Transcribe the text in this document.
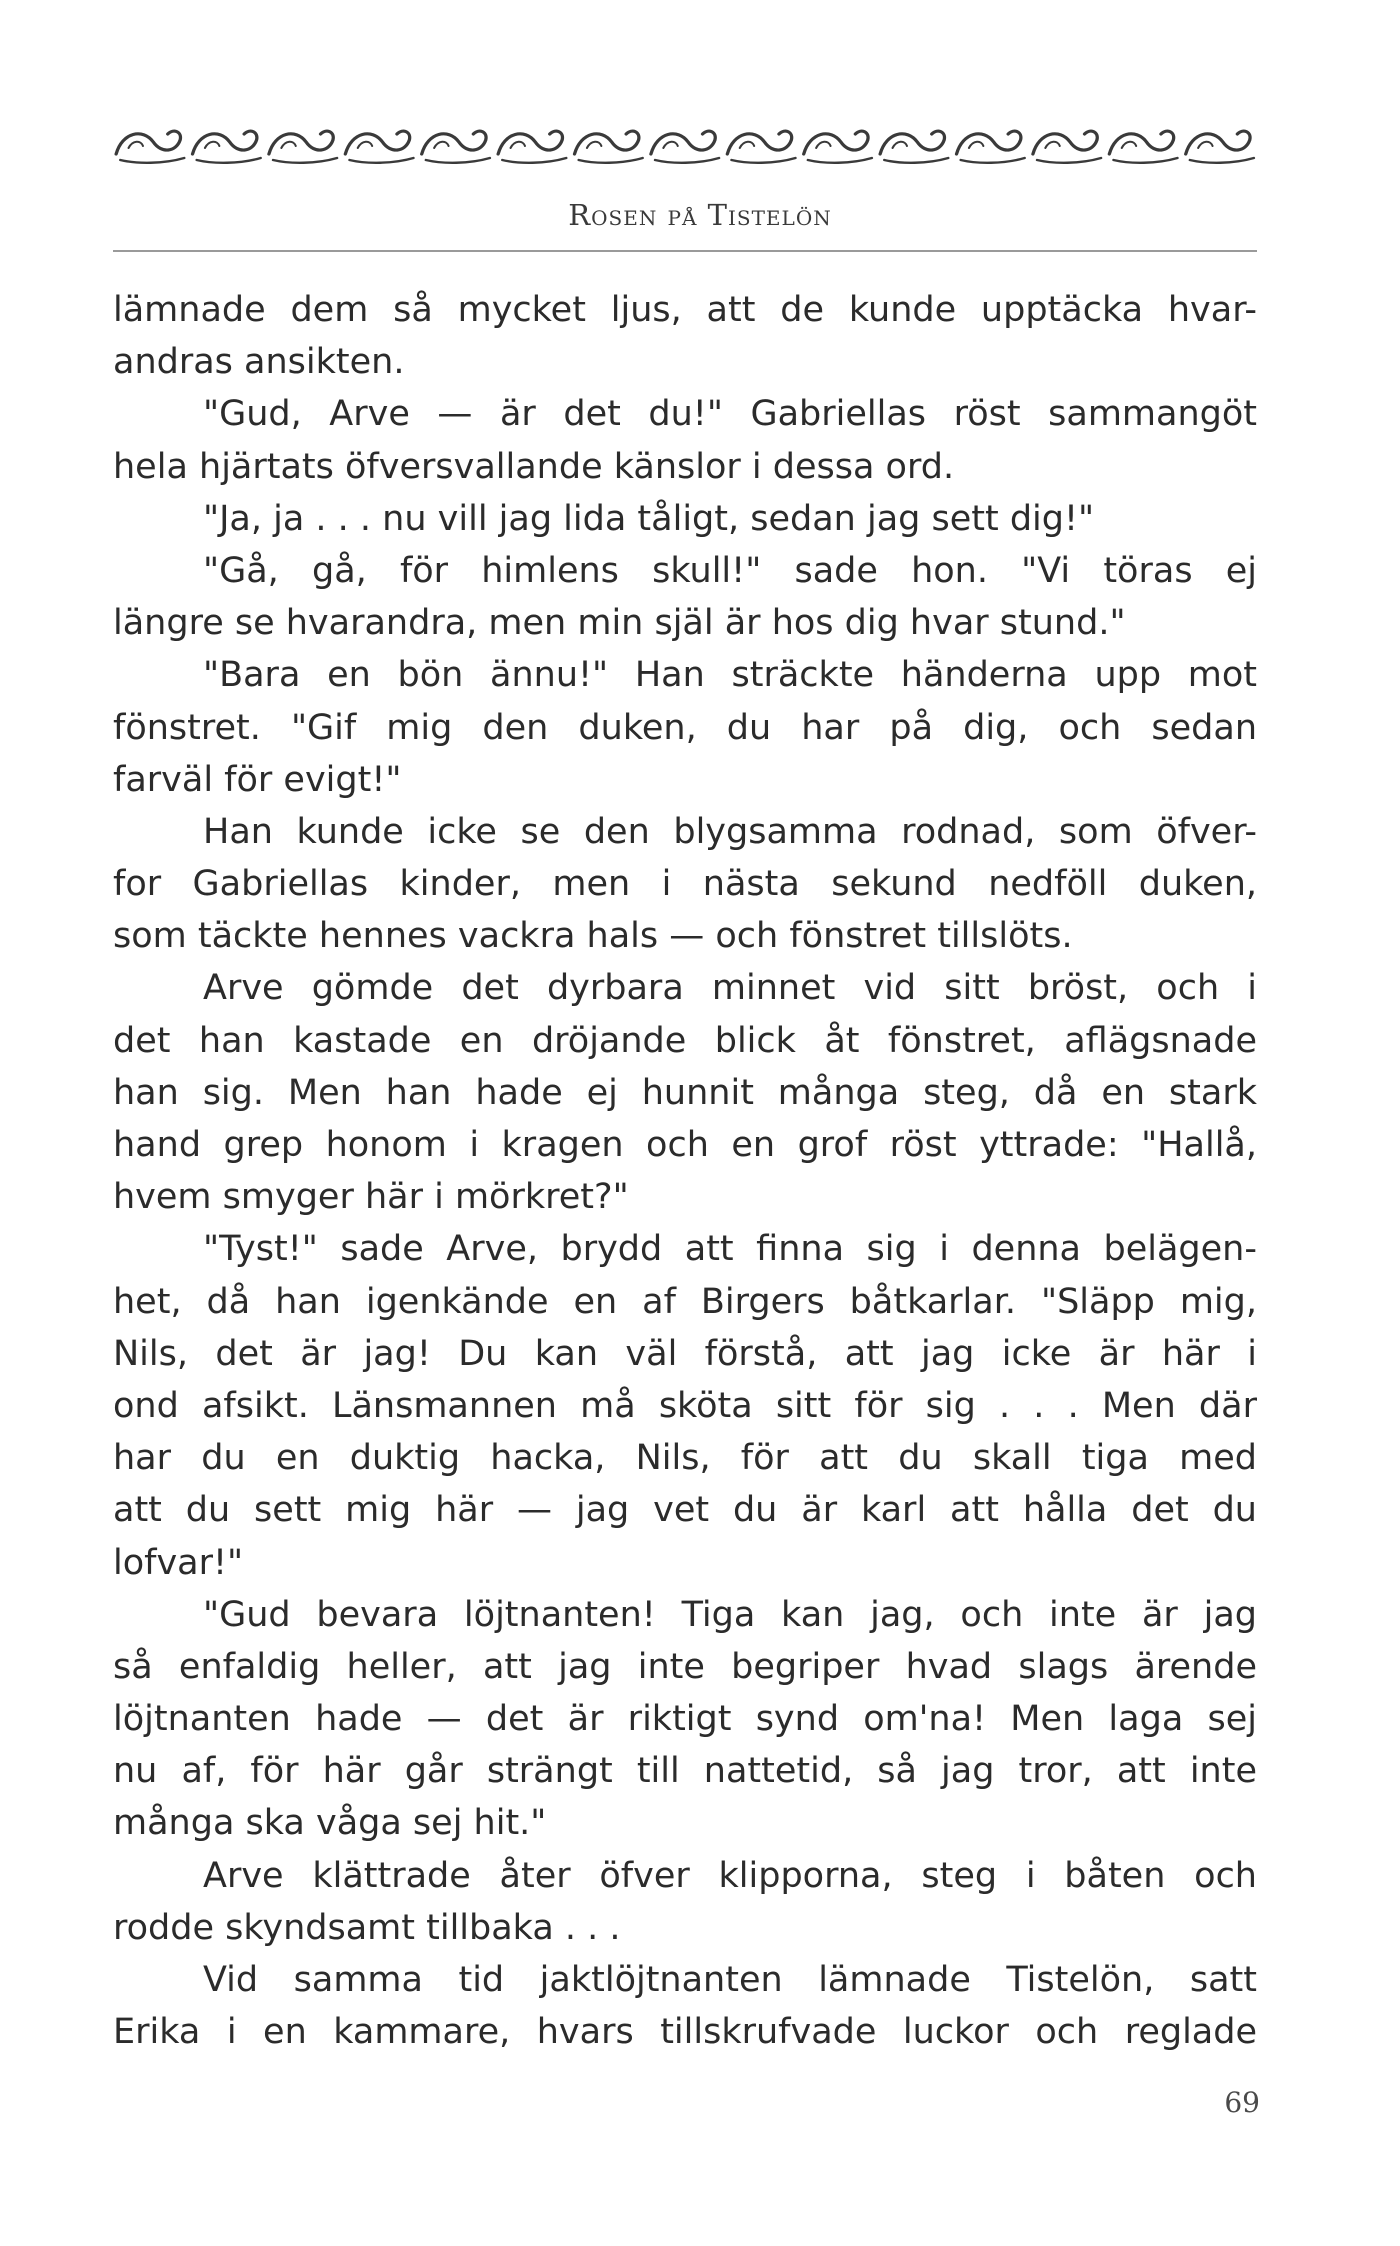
Rosen på Tistelön
lämnade dem så mycket ljus, att de kunde upptäcka hvar-
andras ansikten.
"Gud, Arve — är det du!" Gabriellas röst sammangöt
hela hjärtats öfversvallande känslor i dessa ord.
"Ja, ja . . . nu vill jag lida tåligt, sedan jag sett dig!"
"Gå, gå, för himlens skull!" sade hon. "Vi töras ej
längre se hvarandra, men min själ är hos dig hvar stund."
"Bara en bön ännu!" Han sträckte händerna upp mot
fönstret. "Gif mig den duken, du har på dig, och sedan
farväl för evigt!"
Han kunde icke se den blygsamma rodnad, som öfver-
for Gabriellas kinder, men i nästa sekund nedföll duken,
som täckte hennes vackra hals — och fönstret tillslöts.
Arve gömde det dyrbara minnet vid sitt bröst, och i
det han kastade en dröjande blick åt fönstret, aflägsnade
han sig. Men han hade ej hunnit många steg, då en stark
hand grep honom i kragen och en grof röst yttrade: "Hallå,
hvem smyger här i mörkret?"
"Tyst!" sade Arve, brydd att finna sig i denna belägen-
het, då han igenkände en af Birgers båtkarlar. "Släpp mig,
Nils, det är jag! Du kan väl förstå, att jag icke är här i
ond afsikt. Länsmannen må sköta sitt för sig . . . Men där
har du en duktig hacka, Nils, för att du skall tiga med
att du sett mig här — jag vet du är karl att hålla det du
lofvar!"
"Gud bevara löjtnanten! Tiga kan jag, och inte är jag
så enfaldig heller, att jag inte begriper hvad slags ärende
löjtnanten hade — det är riktigt synd om'na! Men laga sej
nu af, för här går strängt till nattetid, så jag tror, att inte
många ska våga sej hit."
Arve klättrade åter öfver klipporna, steg i båten och
rodde skyndsamt tillbaka . . .
Vid samma tid jaktlöjtnanten lämnade Tistelön, satt
Erika i en kammare, hvars tillskrufvade luckor och reglade
69
